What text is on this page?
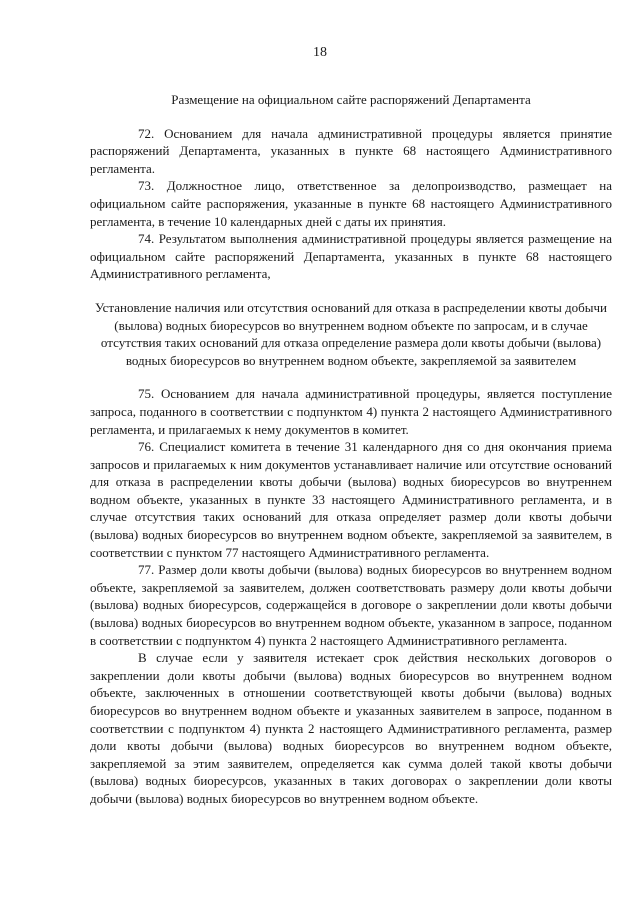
18
Размещение на официальном сайте распоряжений Департамента

72. Основанием для начала административной процедуры является принятие распоряжений Департамента, указанных в пункте 68 настоящего Административного регламента.

73. Должностное лицо, ответственное за делопроизводство, размещает на официальном сайте распоряжения, указанные в пункте 68 настоящего Административного регламента, в течение 10 календарных дней с даты их принятия.

74. Результатом выполнения административной процедуры является размещение на официальном сайте распоряжений Департамента, указанных в пункте 68 настоящего Административного регламента,

Установление наличия или отсутствия оснований для отказа в распределении квоты добычи (вылова) водных биоресурсов во внутреннем водном объекте по запросам, и в случае отсутствия таких оснований для отказа определение размера доли квоты добычи (вылова) водных биоресурсов во внутреннем водном объекте, закрепляемой за заявителем

75. Основанием для начала административной процедуры, является поступление запроса, поданного в соответствии с подпунктом 4) пункта 2 настоящего Административного регламента, и прилагаемых к нему документов в комитет.

76. Специалист комитета в течение 31 календарного дня со дня окончания приема запросов и прилагаемых к ним документов устанавливает наличие или отсутствие оснований для отказа в распределении квоты добычи (вылова) водных биоресурсов во внутреннем водном объекте, указанных в пункте 33 настоящего Административного регламента, и в случае отсутствия таких оснований для отказа определяет размер доли квоты добычи (вылова) водных биоресурсов во внутреннем водном объекте, закрепляемой за заявителем, в соответствии с пунктом 77 настоящего Административного регламента.

77. Размер доли квоты добычи (вылова) водных биоресурсов во внутреннем водном объекте, закрепляемой за заявителем, должен соответствовать размеру доли квоты добычи (вылова) водных биоресурсов, содержащейся в договоре о закреплении доли квоты добычи (вылова) водных биоресурсов во внутреннем водном объекте, указанном в запросе, поданном в соответствии с подпунктом 4) пункта 2 настоящего Административного регламента.

В случае если у заявителя истекает срок действия нескольких договоров о закреплении доли квоты добычи (вылова) водных биоресурсов во внутреннем водном объекте, заключенных в отношении соответствующей квоты добычи (вылова) водных биоресурсов во внутреннем водном объекте и указанных заявителем в запросе, поданном в соответствии с подпунктом 4) пункта 2 настоящего Административного регламента, размер доли квоты добычи (вылова) водных биоресурсов во внутреннем водном объекте, закрепляемой за этим заявителем, определяется как сумма долей такой квоты добычи (вылова) водных биоресурсов, указанных в таких договорах о закреплении доли квоты добычи (вылова) водных биоресурсов во внутреннем водном объекте.
